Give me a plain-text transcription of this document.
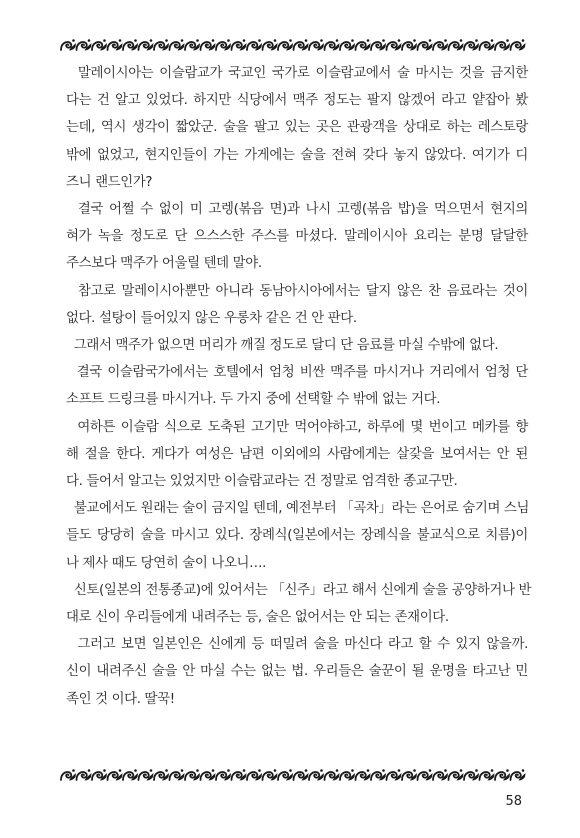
말레이시아는 이슬람교가 국교인 국가로 이슬람교에서 술 마시는 것을 금지한
다는 건 알고 있었다. 하지만 식당에서 맥주 정도는 팔지 않겠어 라고 얕잡아 봤
는데, 역시 생각이 짧았군. 술을 팔고 있는 곳은 관광객을 상대로 하는 레스토랑
밖에 없었고, 현지인들이 가는 가게에는 술을 전혀 갖다 놓지 않았다. 여기가 디
즈니 랜드인가?
결국 어쩔 수 없이 미 고렝(볶음 면)과 나시 고렝(볶음 밥)을 먹으면서 현지의
혀가 녹을 정도로 단 으스스한 주스를 마셨다. 말레이시아 요리는 분명 달달한
주스보다 맥주가 어울릴 텐데 말야.
참고로 말레이시아뿐만 아니라 동남아시아에서는 달지 않은 찬 음료라는 것이
없다. 설탕이 들어있지 않은 우롱차 같은 건 안 판다.
그래서 맥주가 없으면 머리가 깨질 정도로 달디 단 음료를 마실 수밖에 없다.
결국 이슬람국가에서는 호텔에서 엄청 비싼 맥주를 마시거나 거리에서 엄청 단
소프트 드링크를 마시거나. 두 가지 중에 선택할 수 밖에 없는 거다.
여하튼 이슬람 식으로 도축된 고기만 먹어야하고, 하루에 몇 번이고 메카를 향
해 절을 한다. 게다가 여성은 남편 이외에의 사람에게는 살갗을 보여서는 안 된
다. 들어서 알고는 있었지만 이슬람교라는 건 정말로 엄격한 종교구만.
불교에서도 원래는 술이 금지일 텐데, 예전부터 「곡차」라는 은어로 숨기며 스님
들도 당당히 술을 마시고 있다. 장례식(일본에서는 장례식을 불교식으로 치름)이
나 제사 때도 당연히 술이 나오니….
신토(일본의 전통종교)에 있어서는 「신주」라고 해서 신에게 술을 공양하거나 반
대로 신이 우리들에게 내려주는 등, 술은 없어서는 안 되는 존재이다.
그러고 보면 일본인은 신에게 등 떠밀려 술을 마신다 라고 할 수 있지 않을까.
신이 내려주신 술을 안 마실 수는 없는 법. 우리들은 술꾼이 될 운명을 타고난 민
족인 것 이다. 딸꾹!
58
